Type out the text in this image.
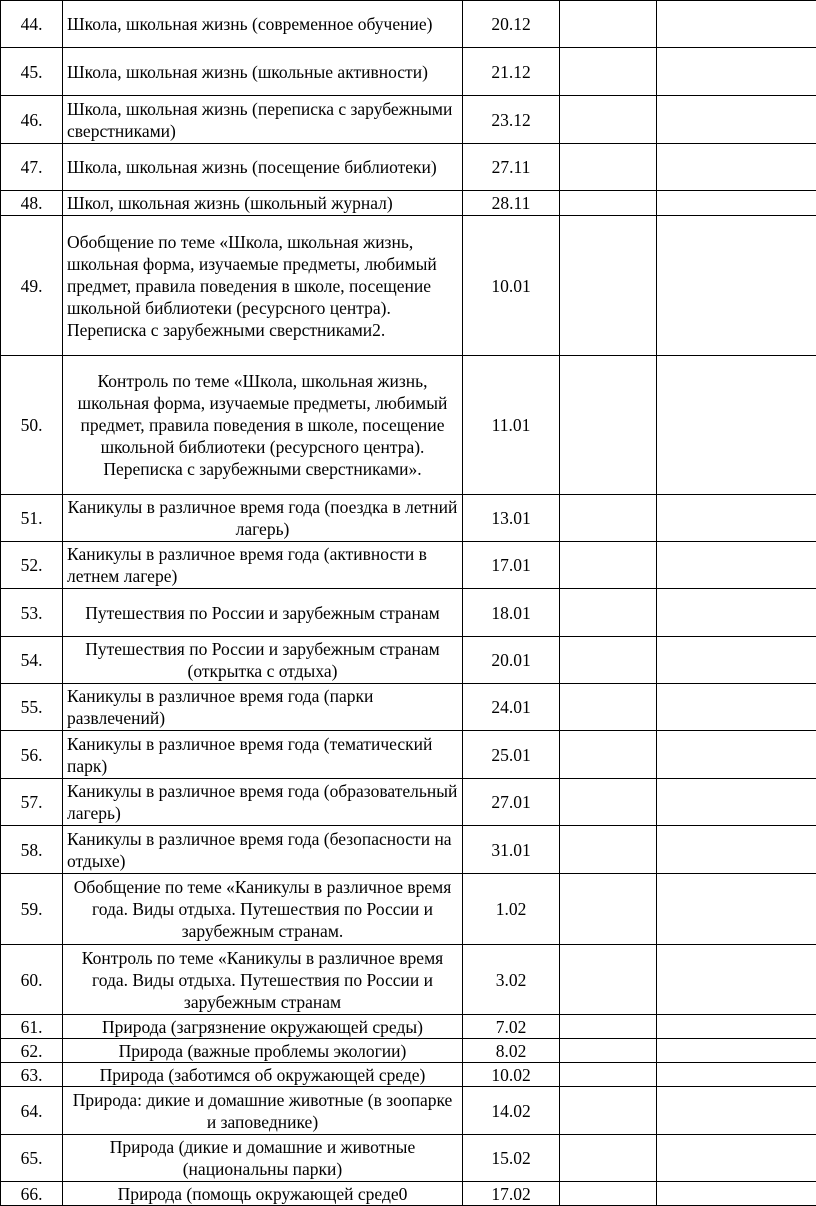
44.	Школа, школьная жизнь (современное обучение)	20.12		
45.	Школа, школьная жизнь (школьные активности)	21.12		
46.	Школа, школьная жизнь (переписка с зарубежными сверстниками)	23.12		
47.	Школа, школьная жизнь (посещение библиотеки)	27.11		
48.	Школ, школьная жизнь (школьный журнал)	28.11		
49.	Обобщение по теме «Школа, школьная жизнь, школьная форма, изучаемые предметы, любимый предмет, правила поведения в школе, посещение школьной библиотеки (ресурсного центра). Переписка с зарубежными сверстниками2.	10.01		
50.	Контроль по теме «Школа, школьная жизнь, школьная форма, изучаемые предметы, любимый предмет, правила поведения в школе, посещение школьной библиотеки (ресурсного центра). Переписка с зарубежными сверстниками».	11.01		
51.	Каникулы в различное время года (поездка в летний лагерь)	13.01		
52.	Каникулы в различное время года (активности в летнем лагере)	17.01		
53.	Путешествия по России и зарубежным странам	18.01		
54.	Путешествия по России и зарубежным странам (открытка с отдыха)	20.01		
55.	Каникулы в различное время года (парки развлечений)	24.01		
56.	Каникулы в различное время года (тематический парк)	25.01		
57.	Каникулы в различное время года (образовательный лагерь)	27.01		
58.	Каникулы в различное время года (безопасности на отдыхе)	31.01		
59.	Обобщение по теме «Каникулы в различное время года. Виды отдыха. Путешествия по России и зарубежным странам.	1.02		
60.	Контроль по теме «Каникулы в различное время года. Виды отдыха. Путешествия по России и зарубежным странам	3.02		
61.	Природа (загрязнение окружающей среды)	7.02		
62.	Природа (важные проблемы экологии)	8.02		
63.	Природа (заботимся об окружающей среде)	10.02		
64.	Природа: дикие и домашние животные (в зоопарке и заповеднике)	14.02		
65.	Природа (дикие и домашние и животные (национальны парки)	15.02		
66.	Природа (помощь окружающей среде0	17.02		
